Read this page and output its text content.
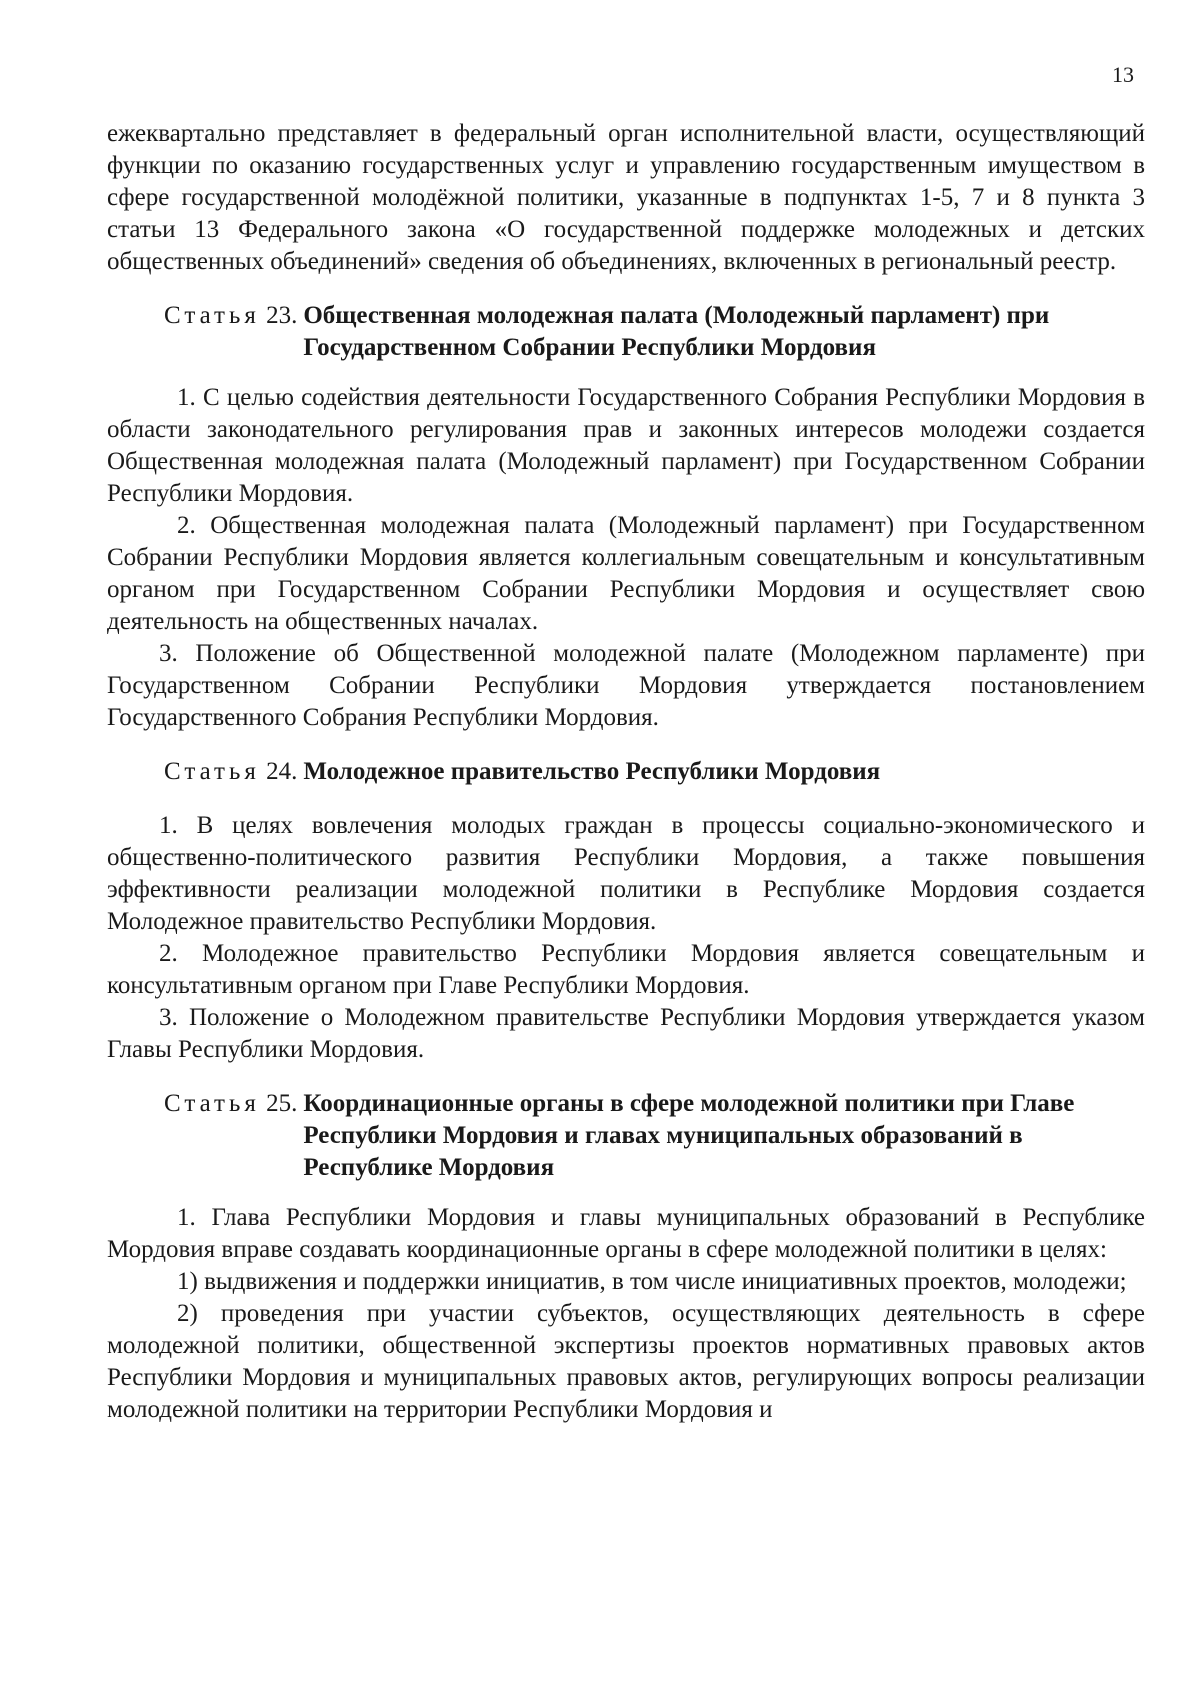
13

ежеквартально представляет в федеральный орган исполнительной власти, осуществляющий функции по оказанию государственных услуг и управлению государственным имуществом в сфере государственной молодёжной политики, указанные в подпунктах 1-5, 7 и 8 пункта 3 статьи 13 Федерального закона «О государственной поддержке молодежных и детских общественных объединений» сведения об объединениях, включенных в региональный реестр.

Статья 23. Общественная молодежная палата (Молодежный парламент) при Государственном Собрании Республики Мордовия

1. С целью содействия деятельности Государственного Собрания Республики Мордовия в области законодательного регулирования прав и законных интересов молодежи создается Общественная молодежная палата (Молодежный парламент) при Государственном Собрании Республики Мордовия.

2. Общественная молодежная палата (Молодежный парламент) при Государственном Собрании Республики Мордовия является коллегиальным совещательным и консультативным органом при Государственном Собрании Республики Мордовия и осуществляет свою деятельность на общественных началах.

3. Положение об Общественной молодежной палате (Молодежном парламенте) при Государственном Собрании Республики Мордовия утверждается постановлением Государственного Собрания Республики Мордовия.

Статья 24. Молодежное правительство Республики Мордовия

1. В целях вовлечения молодых граждан в процессы социально-экономического и общественно-политического развития Республики Мордовия, а также повышения эффективности реализации молодежной политики в Республике Мордовия создается Молодежное правительство Республики Мордовия.

2. Молодежное правительство Республики Мордовия является совещательным и консультативным органом при Главе Республики Мордовия.

3. Положение о Молодежном правительстве Республики Мордовия утверждается указом Главы Республики Мордовия.

Статья 25. Координационные органы в сфере молодежной политики при Главе Республики Мордовия и главах муниципальных образований в Республике Мордовия

1. Глава Республики Мордовия и главы муниципальных образований в Республике Мордовия вправе создавать координационные органы в сфере молодежной политики в целях:

1) выдвижения и поддержки инициатив, в том числе инициативных проектов, молодежи;

2) проведения при участии субъектов, осуществляющих деятельность в сфере молодежной политики, общественной экспертизы проектов нормативных правовых актов Республики Мордовия и муниципальных правовых актов, регулирующих вопросы реализации молодежной политики на территории Республики Мордовия и
